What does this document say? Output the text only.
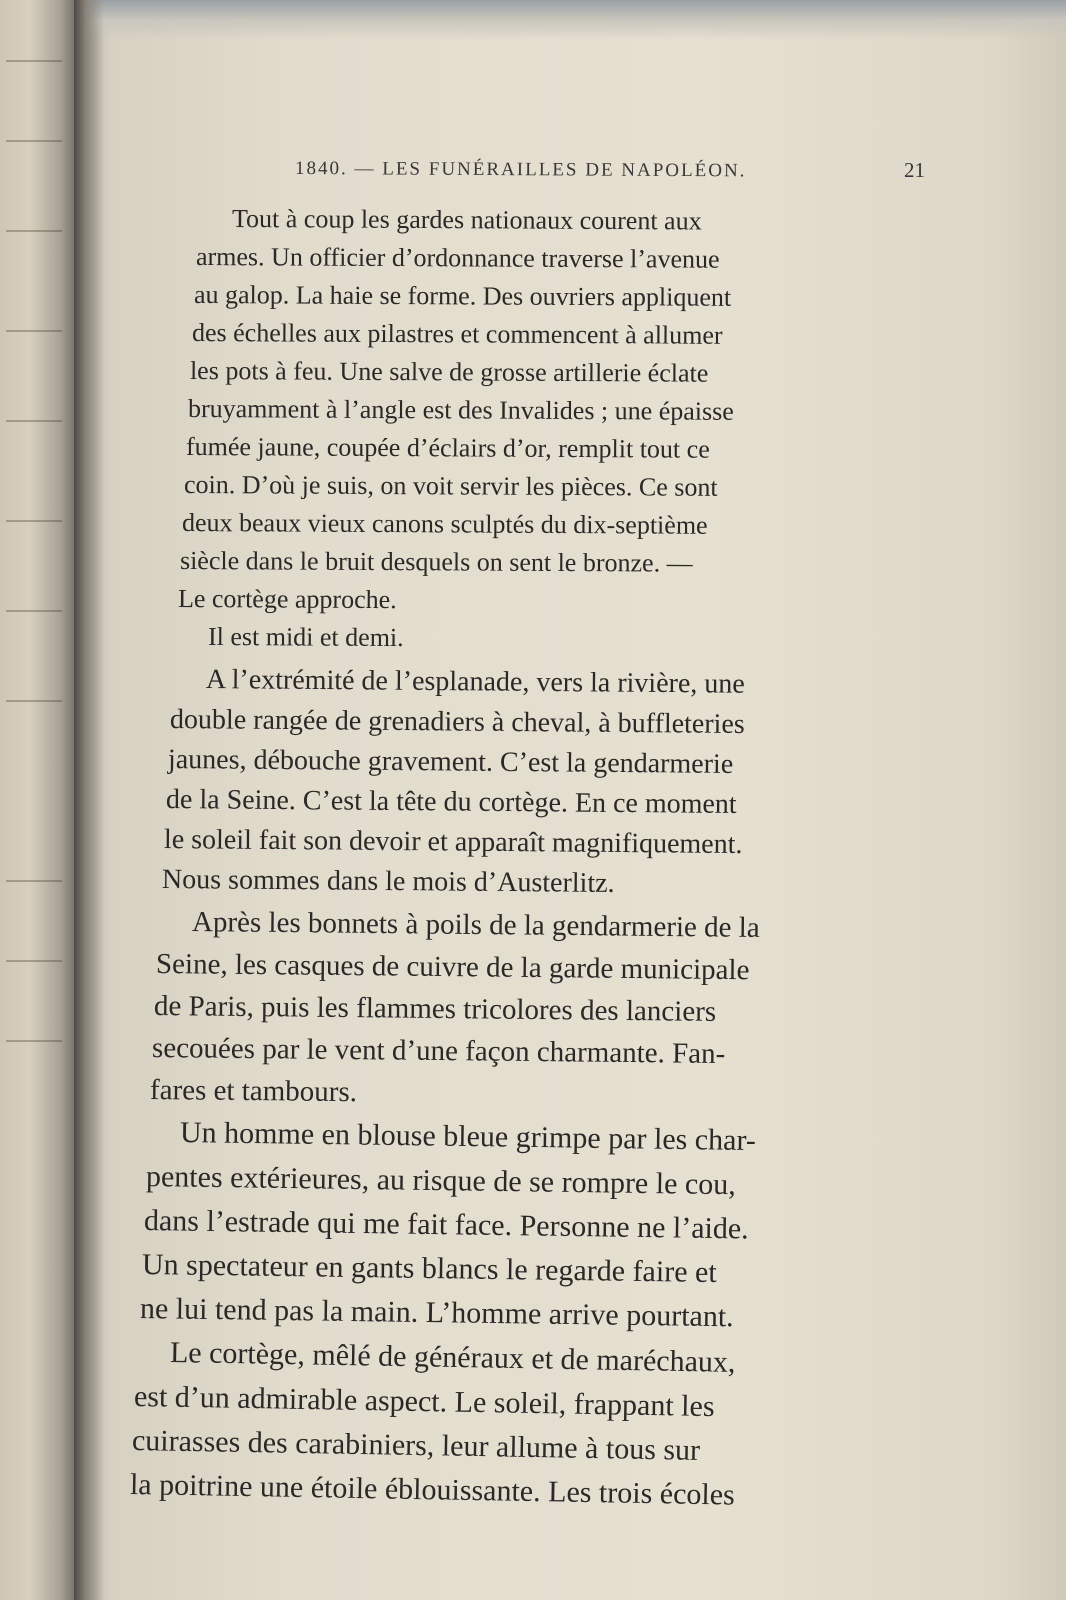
1840. — LES FUNÉRAILLES DE NAPOLÉON.	21
Tout à coup les gardes nationaux courent aux
armes. Un officier d’ordonnance traverse l’avenue
au galop. La haie se forme. Des ouvriers appliquent
des échelles aux pilastres et commencent à allumer
les pots à feu. Une salve de grosse artillerie éclate
bruyamment à l’angle est des Invalides ; une épaisse
fumée jaune, coupée d’éclairs d’or, remplit tout ce
coin. D’où je suis, on voit servir les pièces. Ce sont
deux beaux vieux canons sculptés du dix-septième
siècle dans le bruit desquels on sent le bronze. —
Le cortège approche.
Il est midi et demi.
A l’extrémité de l’esplanade, vers la rivière, une
double rangée de grenadiers à cheval, à buffleteries
jaunes, débouche gravement. C’est la gendarmerie
de la Seine. C’est la tête du cortège. En ce moment
le soleil fait son devoir et apparaît magnifiquement.
Nous sommes dans le mois d’Austerlitz.
Après les bonnets à poils de la gendarmerie de la
Seine, les casques de cuivre de la garde municipale
de Paris, puis les flammes tricolores des lanciers
secouées par le vent d’une façon charmante. Fan-
fares et tambours.
Un homme en blouse bleue grimpe par les char-
pentes extérieures, au risque de se rompre le cou,
dans l’estrade qui me fait face. Personne ne l’aide.
Un spectateur en gants blancs le regarde faire et
ne lui tend pas la main. L’homme arrive pourtant.
Le cortège, mêlé de généraux et de maréchaux,
est d’un admirable aspect. Le soleil, frappant les
cuirasses des carabiniers, leur allume à tous sur
la poitrine une étoile éblouissante. Les trois écoles
